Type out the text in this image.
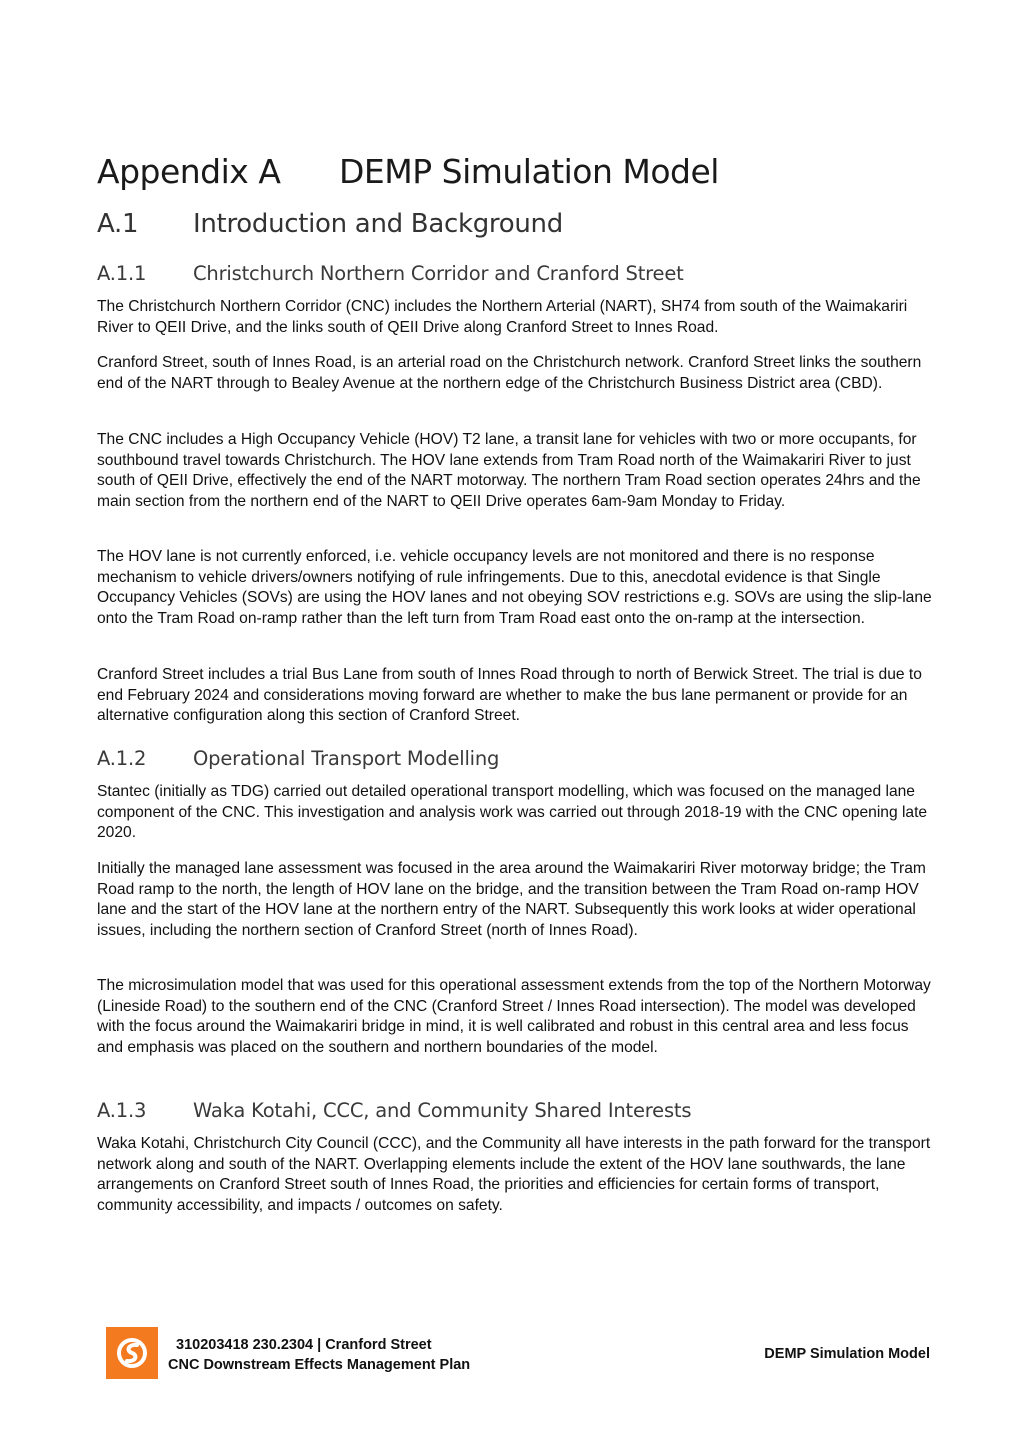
Appendix A DEMP Simulation Model
A.1 Introduction and Background
A.1.1 Christchurch Northern Corridor and Cranford Street

The Christchurch Northern Corridor (CNC) includes the Northern Arterial (NART), SH74 from south of the Waimakariri River to QEII Drive, and the links south of QEII Drive along Cranford Street to Innes Road.

Cranford Street, south of Innes Road, is an arterial road on the Christchurch network. Cranford Street links the southern end of the NART through to Bealey Avenue at the northern edge of the Christchurch Business District area (CBD).

The CNC includes a High Occupancy Vehicle (HOV) T2 lane, a transit lane for vehicles with two or more occupants, for southbound travel towards Christchurch. The HOV lane extends from Tram Road north of the Waimakariri River to just south of QEII Drive, effectively the end of the NART motorway. The northern Tram Road section operates 24hrs and the main section from the northern end of the NART to QEII Drive operates 6am-9am Monday to Friday.

The HOV lane is not currently enforced, i.e. vehicle occupancy levels are not monitored and there is no response mechanism to vehicle drivers/owners notifying of rule infringements. Due to this, anecdotal evidence is that Single Occupancy Vehicles (SOVs) are using the HOV lanes and not obeying SOV restrictions e.g. SOVs are using the slip-lane onto the Tram Road on-ramp rather than the left turn from Tram Road east onto the on-ramp at the intersection.

Cranford Street includes a trial Bus Lane from south of Innes Road through to north of Berwick Street. The trial is due to end February 2024 and considerations moving forward are whether to make the bus lane permanent or provide for an alternative configuration along this section of Cranford Street.

A.1.2 Operational Transport Modelling

Stantec (initially as TDG) carried out detailed operational transport modelling, which was focused on the managed lane component of the CNC. This investigation and analysis work was carried out through 2018-19 with the CNC opening late 2020.

Initially the managed lane assessment was focused in the area around the Waimakariri River motorway bridge; the Tram Road ramp to the north, the length of HOV lane on the bridge, and the transition between the Tram Road on-ramp HOV lane and the start of the HOV lane at the northern entry of the NART. Subsequently this work looks at wider operational issues, including the northern section of Cranford Street (north of Innes Road).

The microsimulation model that was used for this operational assessment extends from the top of the Northern Motorway (Lineside Road) to the southern end of the CNC (Cranford Street / Innes Road intersection). The model was developed with the focus around the Waimakariri bridge in mind, it is well calibrated and robust in this central area and less focus and emphasis was placed on the southern and northern boundaries of the model.

A.1.3 Waka Kotahi, CCC, and Community Shared Interests

Waka Kotahi, Christchurch City Council (CCC), and the Community all have interests in the path forward for the transport network along and south of the NART. Overlapping elements include the extent of the HOV lane southwards, the lane arrangements on Cranford Street south of Innes Road, the priorities and efficiencies for certain forms of transport, community accessibility, and impacts / outcomes on safety.

310203418 230.2304 | Cranford Street
CNC Downstream Effects Management Plan
DEMP Simulation Model
